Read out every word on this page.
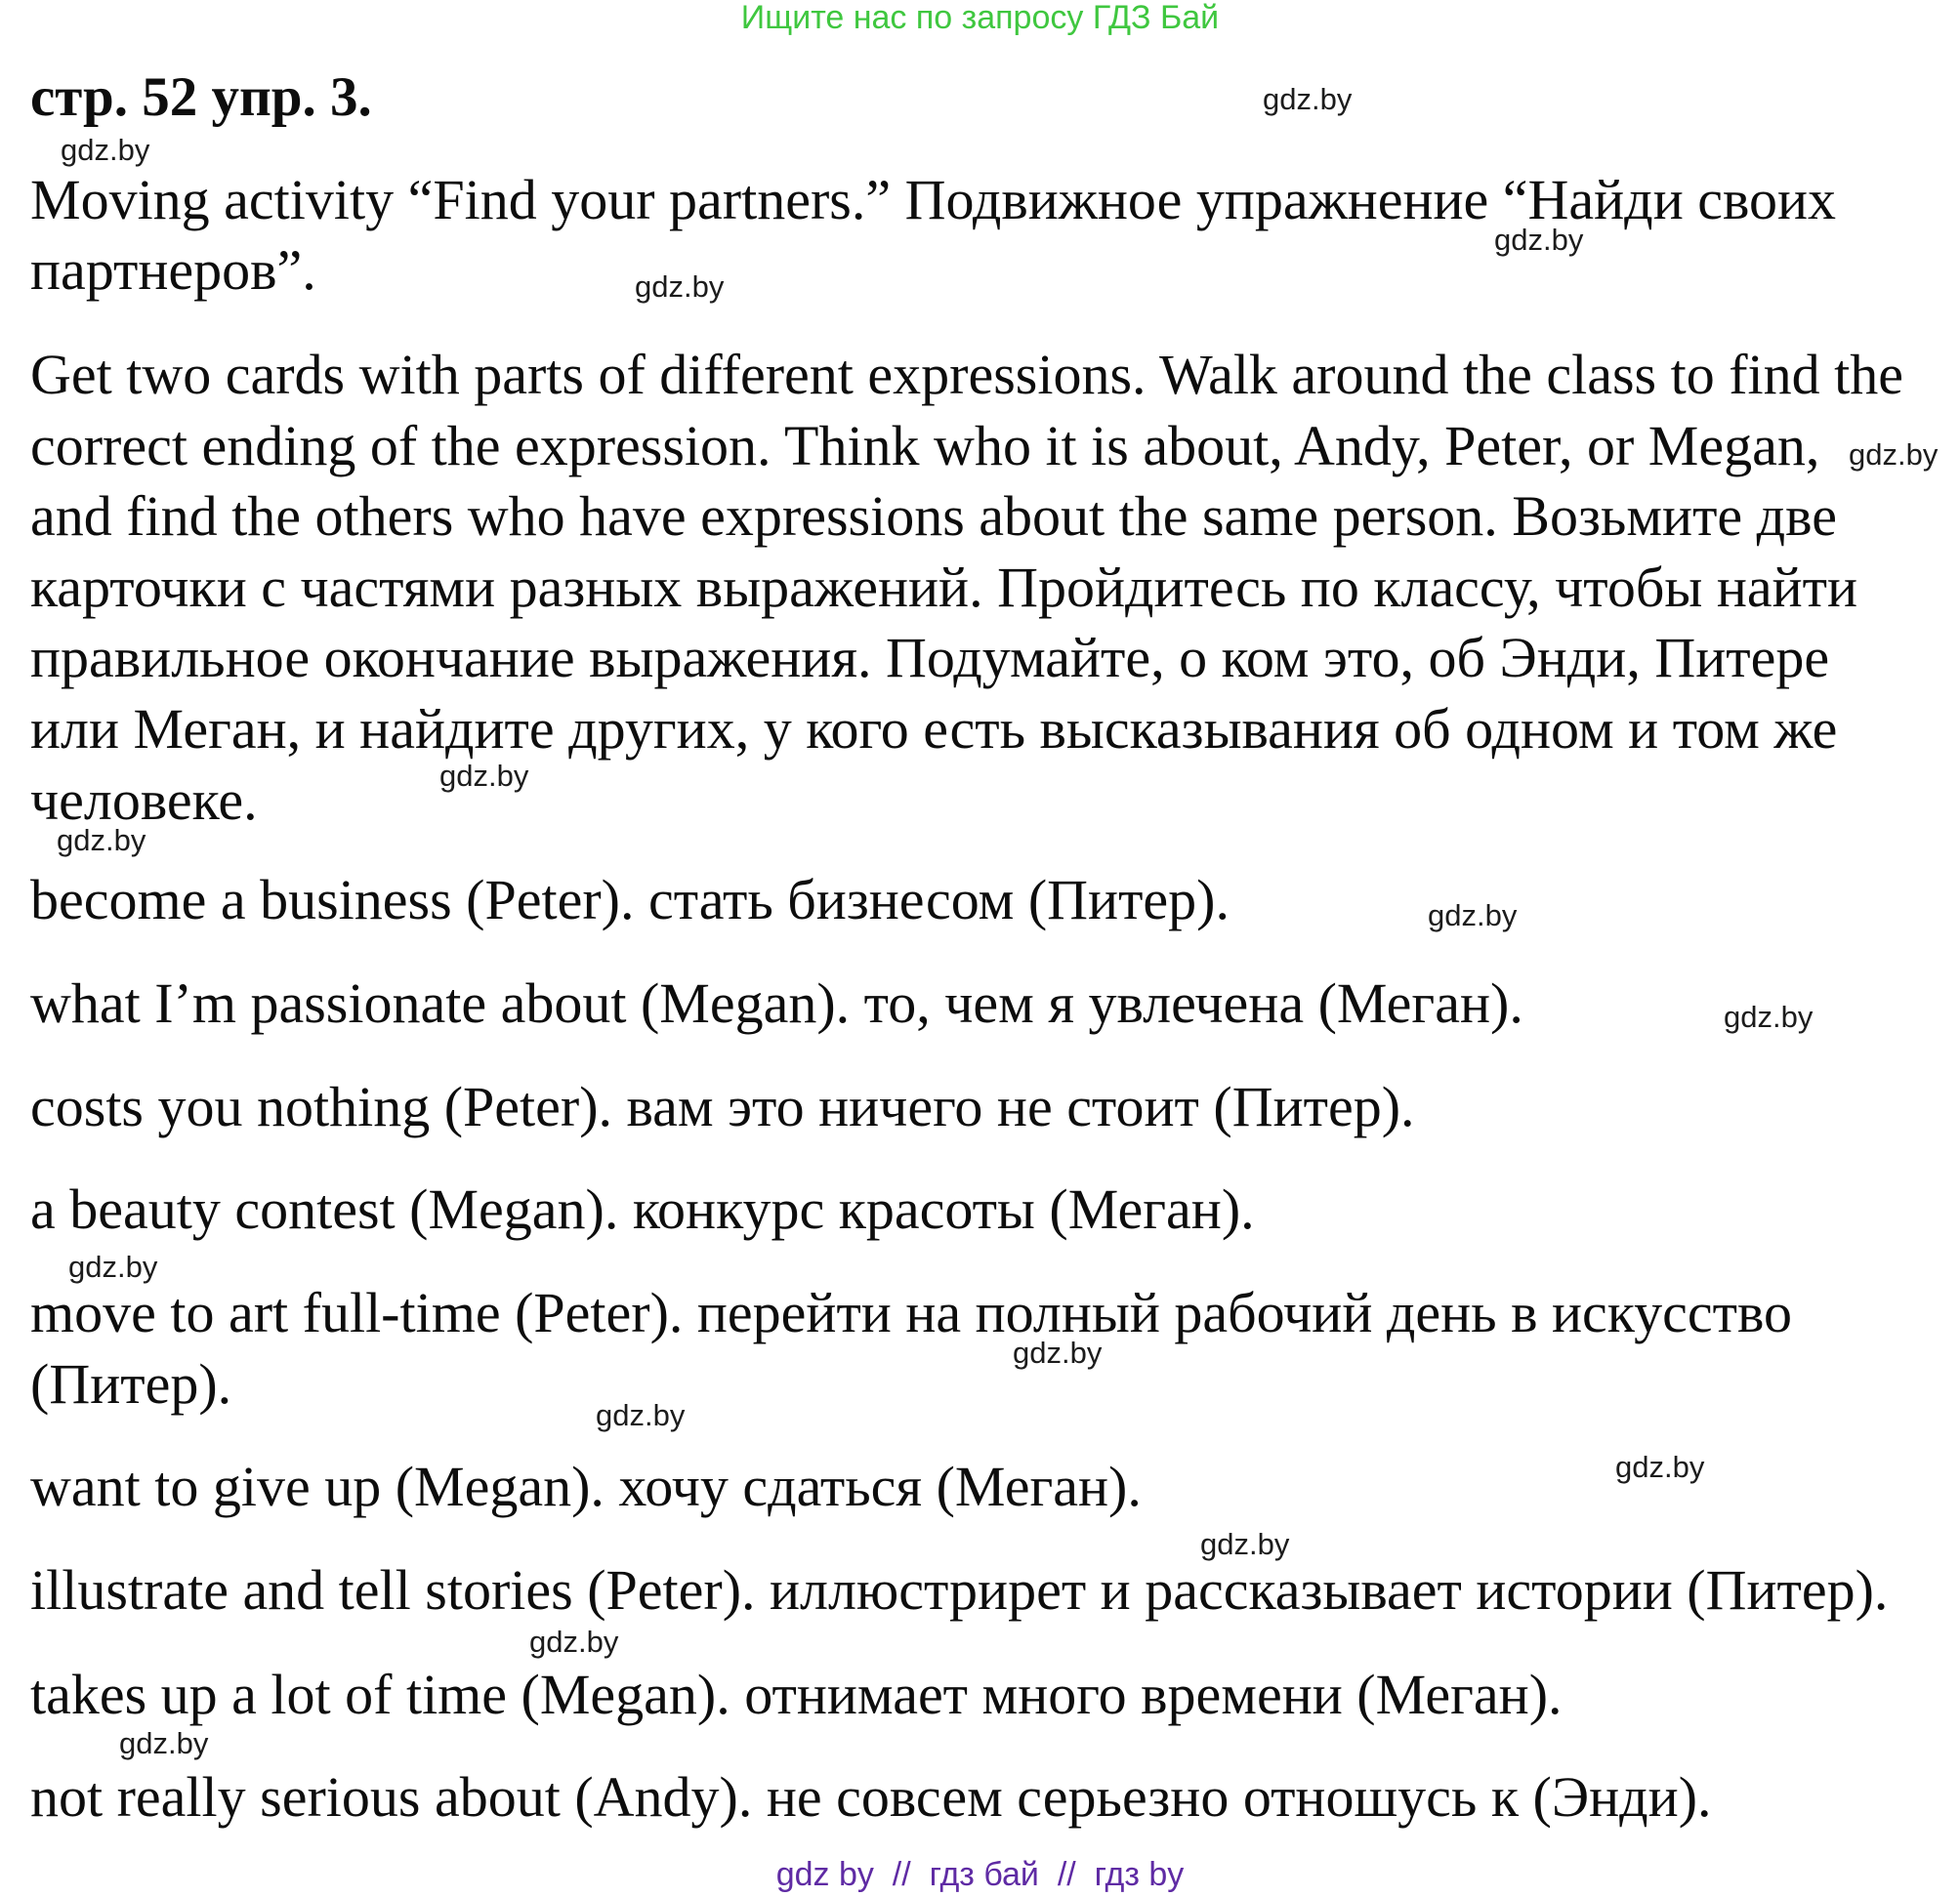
Ищите нас по запросу ГДЗ Бай
стр. 52 упр. 3.
Moving activity “Find your partners.” Подвижное упражнение “Найди своих
партнеров”.
Get two cards with parts of different expressions. Walk around the class to find the
correct ending of the expression. Think who it is about, Andy, Peter, or Megan,
and find the others who have expressions about the same person. Возьмите две
карточки с частями разных выражений. Пройдитесь по классу, чтобы найти
правильное окончание выражения. Подумайте, о ком это, об Энди, Питере
или Меган, и найдите других, у кого есть высказывания об одном и том же
человеке.
become a business (Peter). стать бизнесом (Питер).
what I’m passionate about (Megan). то, чем я увлечена (Меган).
costs you nothing (Peter). вам это ничего не стоит (Питер).
a beauty contest (Megan). конкурс красоты (Меган).
move to art full-time (Peter). перейти на полный рабочий день в искусство
(Питер).
want to give up (Megan). хочу сдаться (Меган).
illustrate and tell stories (Peter). иллюстрирет и рассказывает истории (Питер).
takes up a lot of time (Megan). отнимает много времени (Меган).
not really serious about (Andy). не совсем серьезно отношусь к (Энди).
gdz.by
gdz.by
gdz.by
gdz.by
gdz.by
gdz.by
gdz.by
gdz.by
gdz.by
gdz.by
gdz.by
gdz.by
gdz.by
gdz.by
gdz.by
gdz.by
gdz by  //  гдз бай  //  гдз by
